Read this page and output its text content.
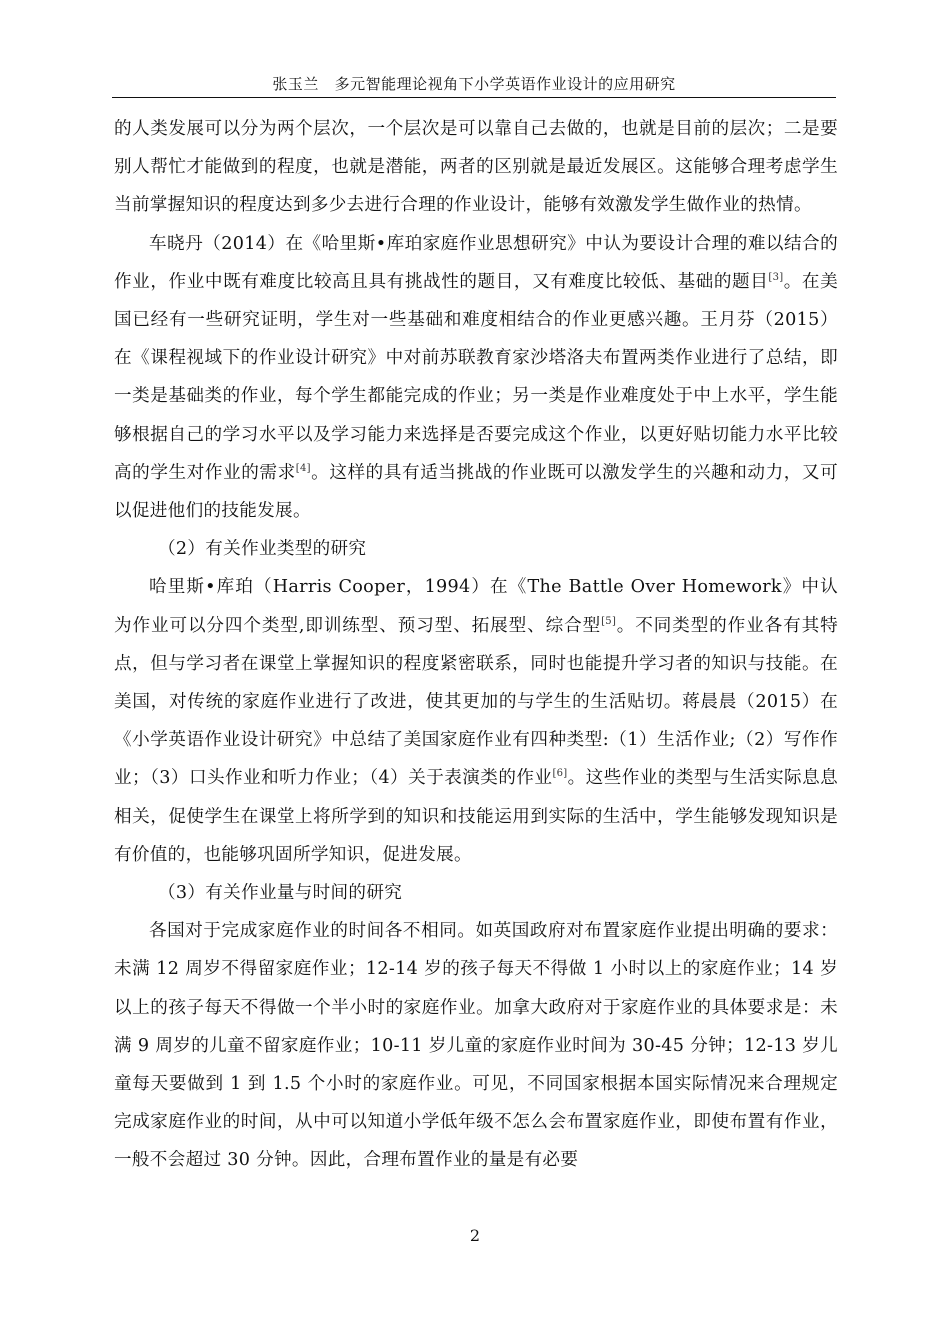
张玉兰 多元智能理论视角下小学英语作业设计的应用研究

的人类发展可以分为两个层次，一个层次是可以靠自己去做的，也就是目前的层次；二是要别人帮忙才能做到的程度，也就是潜能，两者的区别就是最近发展区。这能够合理考虑学生当前掌握知识的程度达到多少去进行合理的作业设计，能够有效激发学生做作业的热情。

车晓丹（2014）在《哈里斯•库珀家庭作业思想研究》中认为要设计合理的难以结合的作业，作业中既有难度比较高且具有挑战性的题目，又有难度比较低、基础的题目[3]。在美国已经有一些研究证明，学生对一些基础和难度相结合的作业更感兴趣。王月芬（2015）在《课程视域下的作业设计研究》中对前苏联教育家沙塔洛夫布置两类作业进行了总结，即一类是基础类的作业，每个学生都能完成的作业；另一类是作业难度处于中上水平，学生能够根据自己的学习水平以及学习能力来选择是否要完成这个作业，以更好贴切能力水平比较高的学生对作业的需求[4]。这样的具有适当挑战的作业既可以激发学生的兴趣和动力，又可以促进他们的技能发展。

（2）有关作业类型的研究

哈里斯•库珀（Harris Cooper，1994）在《The Battle Over Homework》中认为作业可以分四个类型,即训练型、预习型、拓展型、综合型[5]。不同类型的作业各有其特点，但与学习者在课堂上掌握知识的程度紧密联系，同时也能提升学习者的知识与技能。在美国，对传统的家庭作业进行了改进，使其更加的与学生的生活贴切。蒋晨晨（2015）在《小学英语作业设计研究》中总结了美国家庭作业有四种类型:（1）生活作业;（2）写作作业；（3）口头作业和听力作业；（4）关于表演类的作业[6]。这些作业的类型与生活实际息息相关，促使学生在课堂上将所学到的知识和技能运用到实际的生活中，学生能够发现知识是有价值的，也能够巩固所学知识，促进发展。

（3）有关作业量与时间的研究

各国对于完成家庭作业的时间各不相同。如英国政府对布置家庭作业提出明确的要求：未满 12 周岁不得留家庭作业；12-14 岁的孩子每天不得做 1 小时以上的家庭作业；14 岁以上的孩子每天不得做一个半小时的家庭作业。加拿大政府对于家庭作业的具体要求是：未满 9 周岁的儿童不留家庭作业；10-11 岁儿童的家庭作业时间为 30-45 分钟；12-13 岁儿童每天要做到 1 到 1.5 个小时的家庭作业。可见，不同国家根据本国实际情况来合理规定完成家庭作业的时间，从中可以知道小学低年级不怎么会布置家庭作业，即使布置有作业，一般不会超过 30 分钟。因此，合理布置作业的量是有必要

2
